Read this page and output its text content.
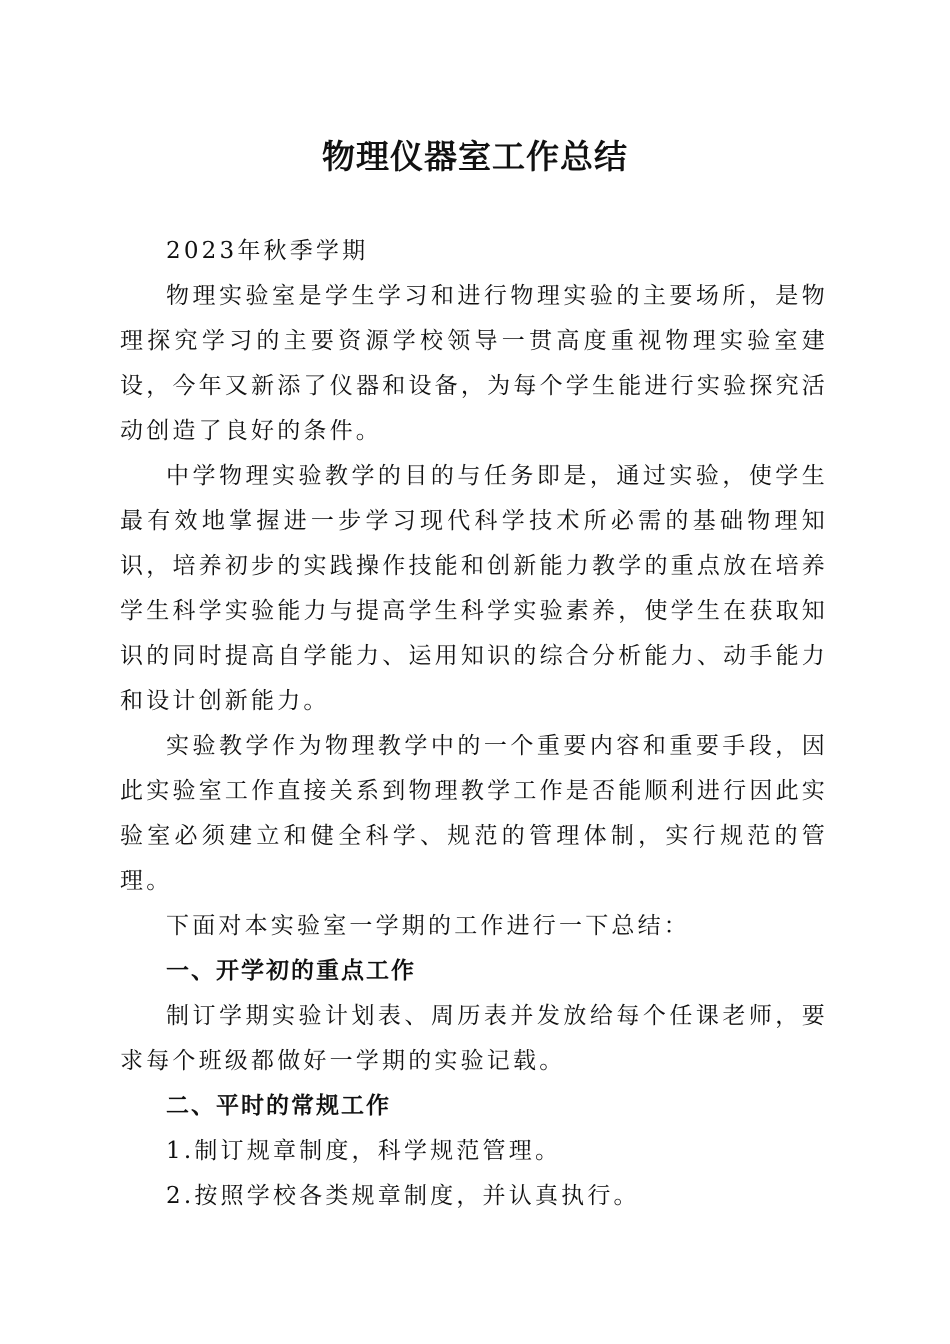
物理仪器室工作总结

2023年秋季学期

物理实验室是学生学习和进行物理实验的主要场所，是物理探究学习的主要资源学校领导一贯高度重视物理实验室建设，今年又新添了仪器和设备，为每个学生能进行实验探究活动创造了良好的条件。

中学物理实验教学的目的与任务即是，通过实验，使学生最有效地掌握进一步学习现代科学技术所必需的基础物理知识，培养初步的实践操作技能和创新能力教学的重点放在培养学生科学实验能力与提高学生科学实验素养，使学生在获取知识的同时提高自学能力、运用知识的综合分析能力、动手能力和设计创新能力。

实验教学作为物理教学中的一个重要内容和重要手段，因此实验室工作直接关系到物理教学工作是否能顺利进行因此实验室必须建立和健全科学、规范的管理体制，实行规范的管理。

下面对本实验室一学期的工作进行一下总结：

一、开学初的重点工作

制订学期实验计划表、周历表并发放给每个任课老师，要求每个班级都做好一学期的实验记载。

二、平时的常规工作

1.制订规章制度，科学规范管理。

2.按照学校各类规章制度，并认真执行。
